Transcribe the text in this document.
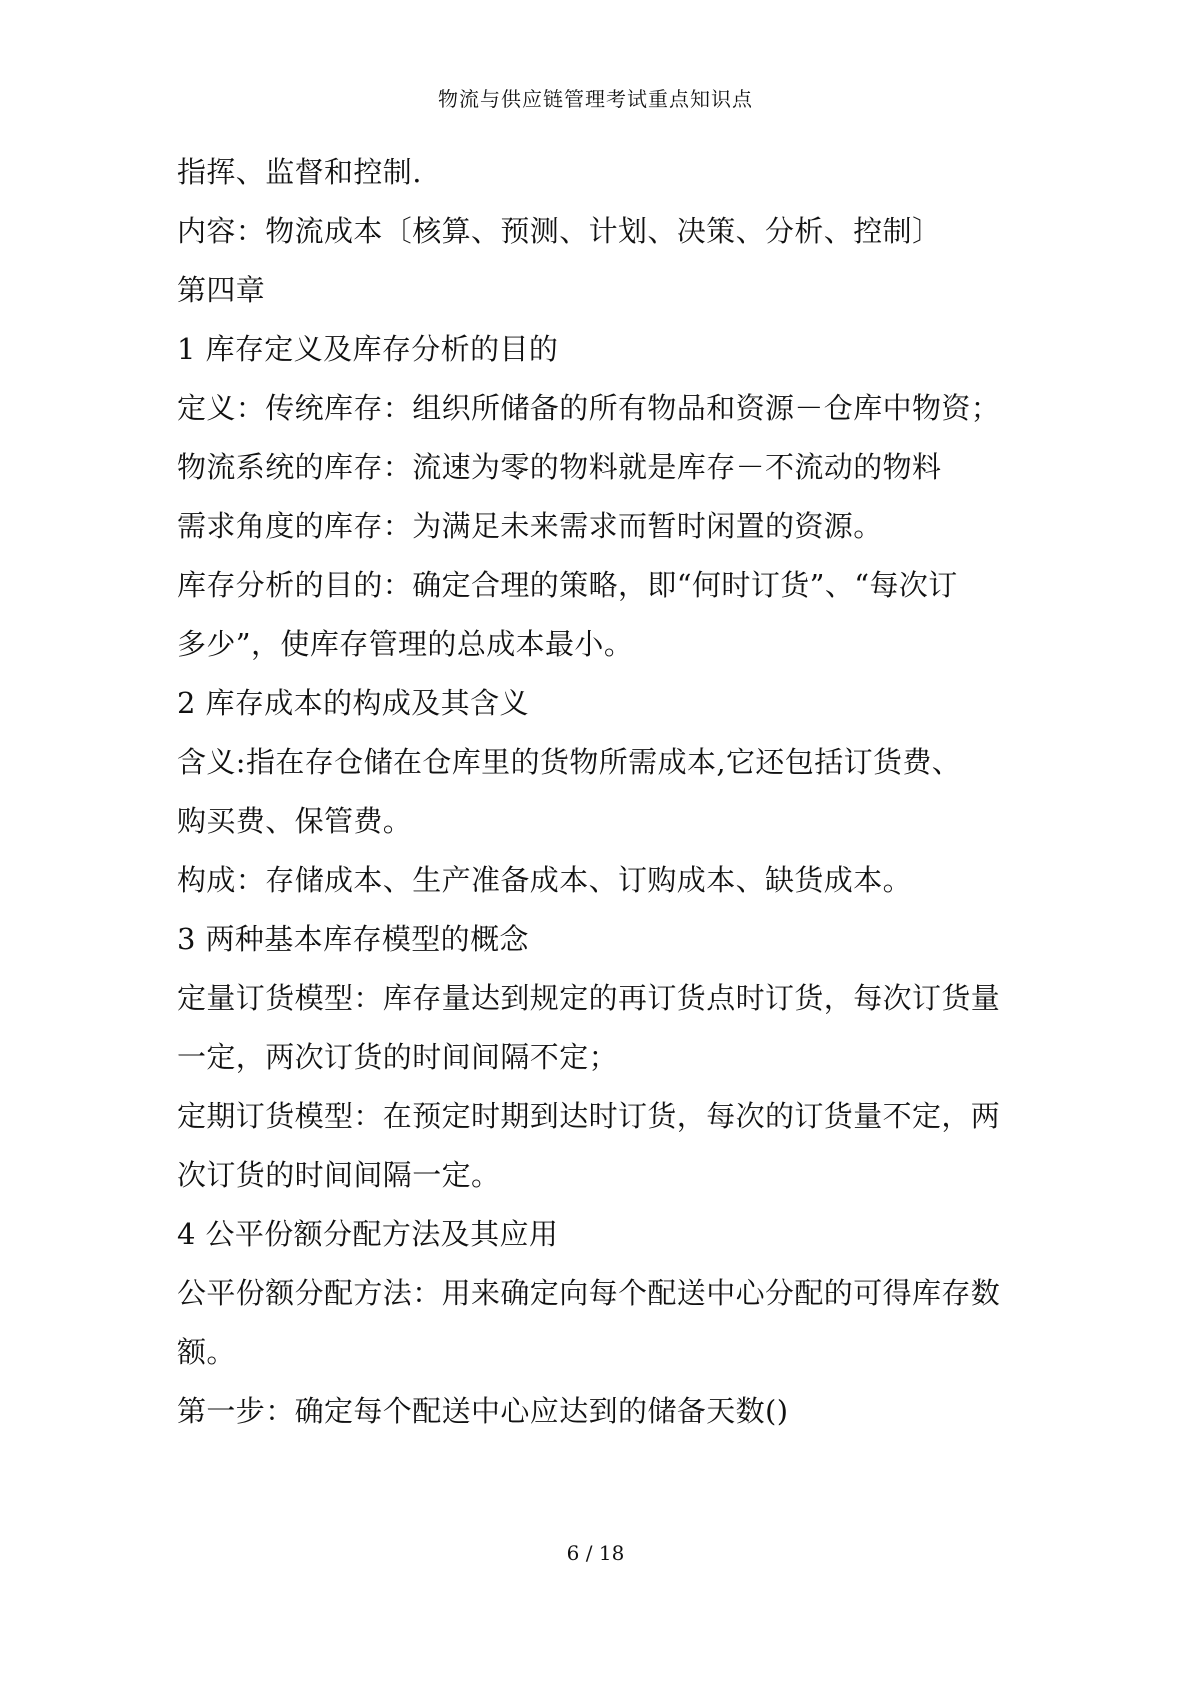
物流与供应链管理考试重点知识点
指挥、监督和控制.
内容：物流成本〔核算、预测、计划、决策、分析、控制〕
第四章
1 库存定义及库存分析的目的
定义：传统库存：组织所储备的所有物品和资源－仓库中物资；
物流系统的库存：流速为零的物料就是库存－不流动的物料
需求角度的库存：为满足未来需求而暂时闲置的资源。
库存分析的目的：确定合理的策略，即“何时订货”、“每次订
多少”，使库存管理的总成本最小。
2 库存成本的构成及其含义
含义:指在存仓储在仓库里的货物所需成本,它还包括订货费、
购买费、保管费。
构成：存储成本、生产准备成本、订购成本、缺货成本。
3 两种基本库存模型的概念
定量订货模型：库存量达到规定的再订货点时订货，每次订货量
一定，两次订货的时间间隔不定；
定期订货模型：在预定时期到达时订货，每次的订货量不定，两
次订货的时间间隔一定。
4 公平份额分配方法及其应用
公平份额分配方法：用来确定向每个配送中心分配的可得库存数
额。
第一步：确定每个配送中心应达到的储备天数()
6 / 18
